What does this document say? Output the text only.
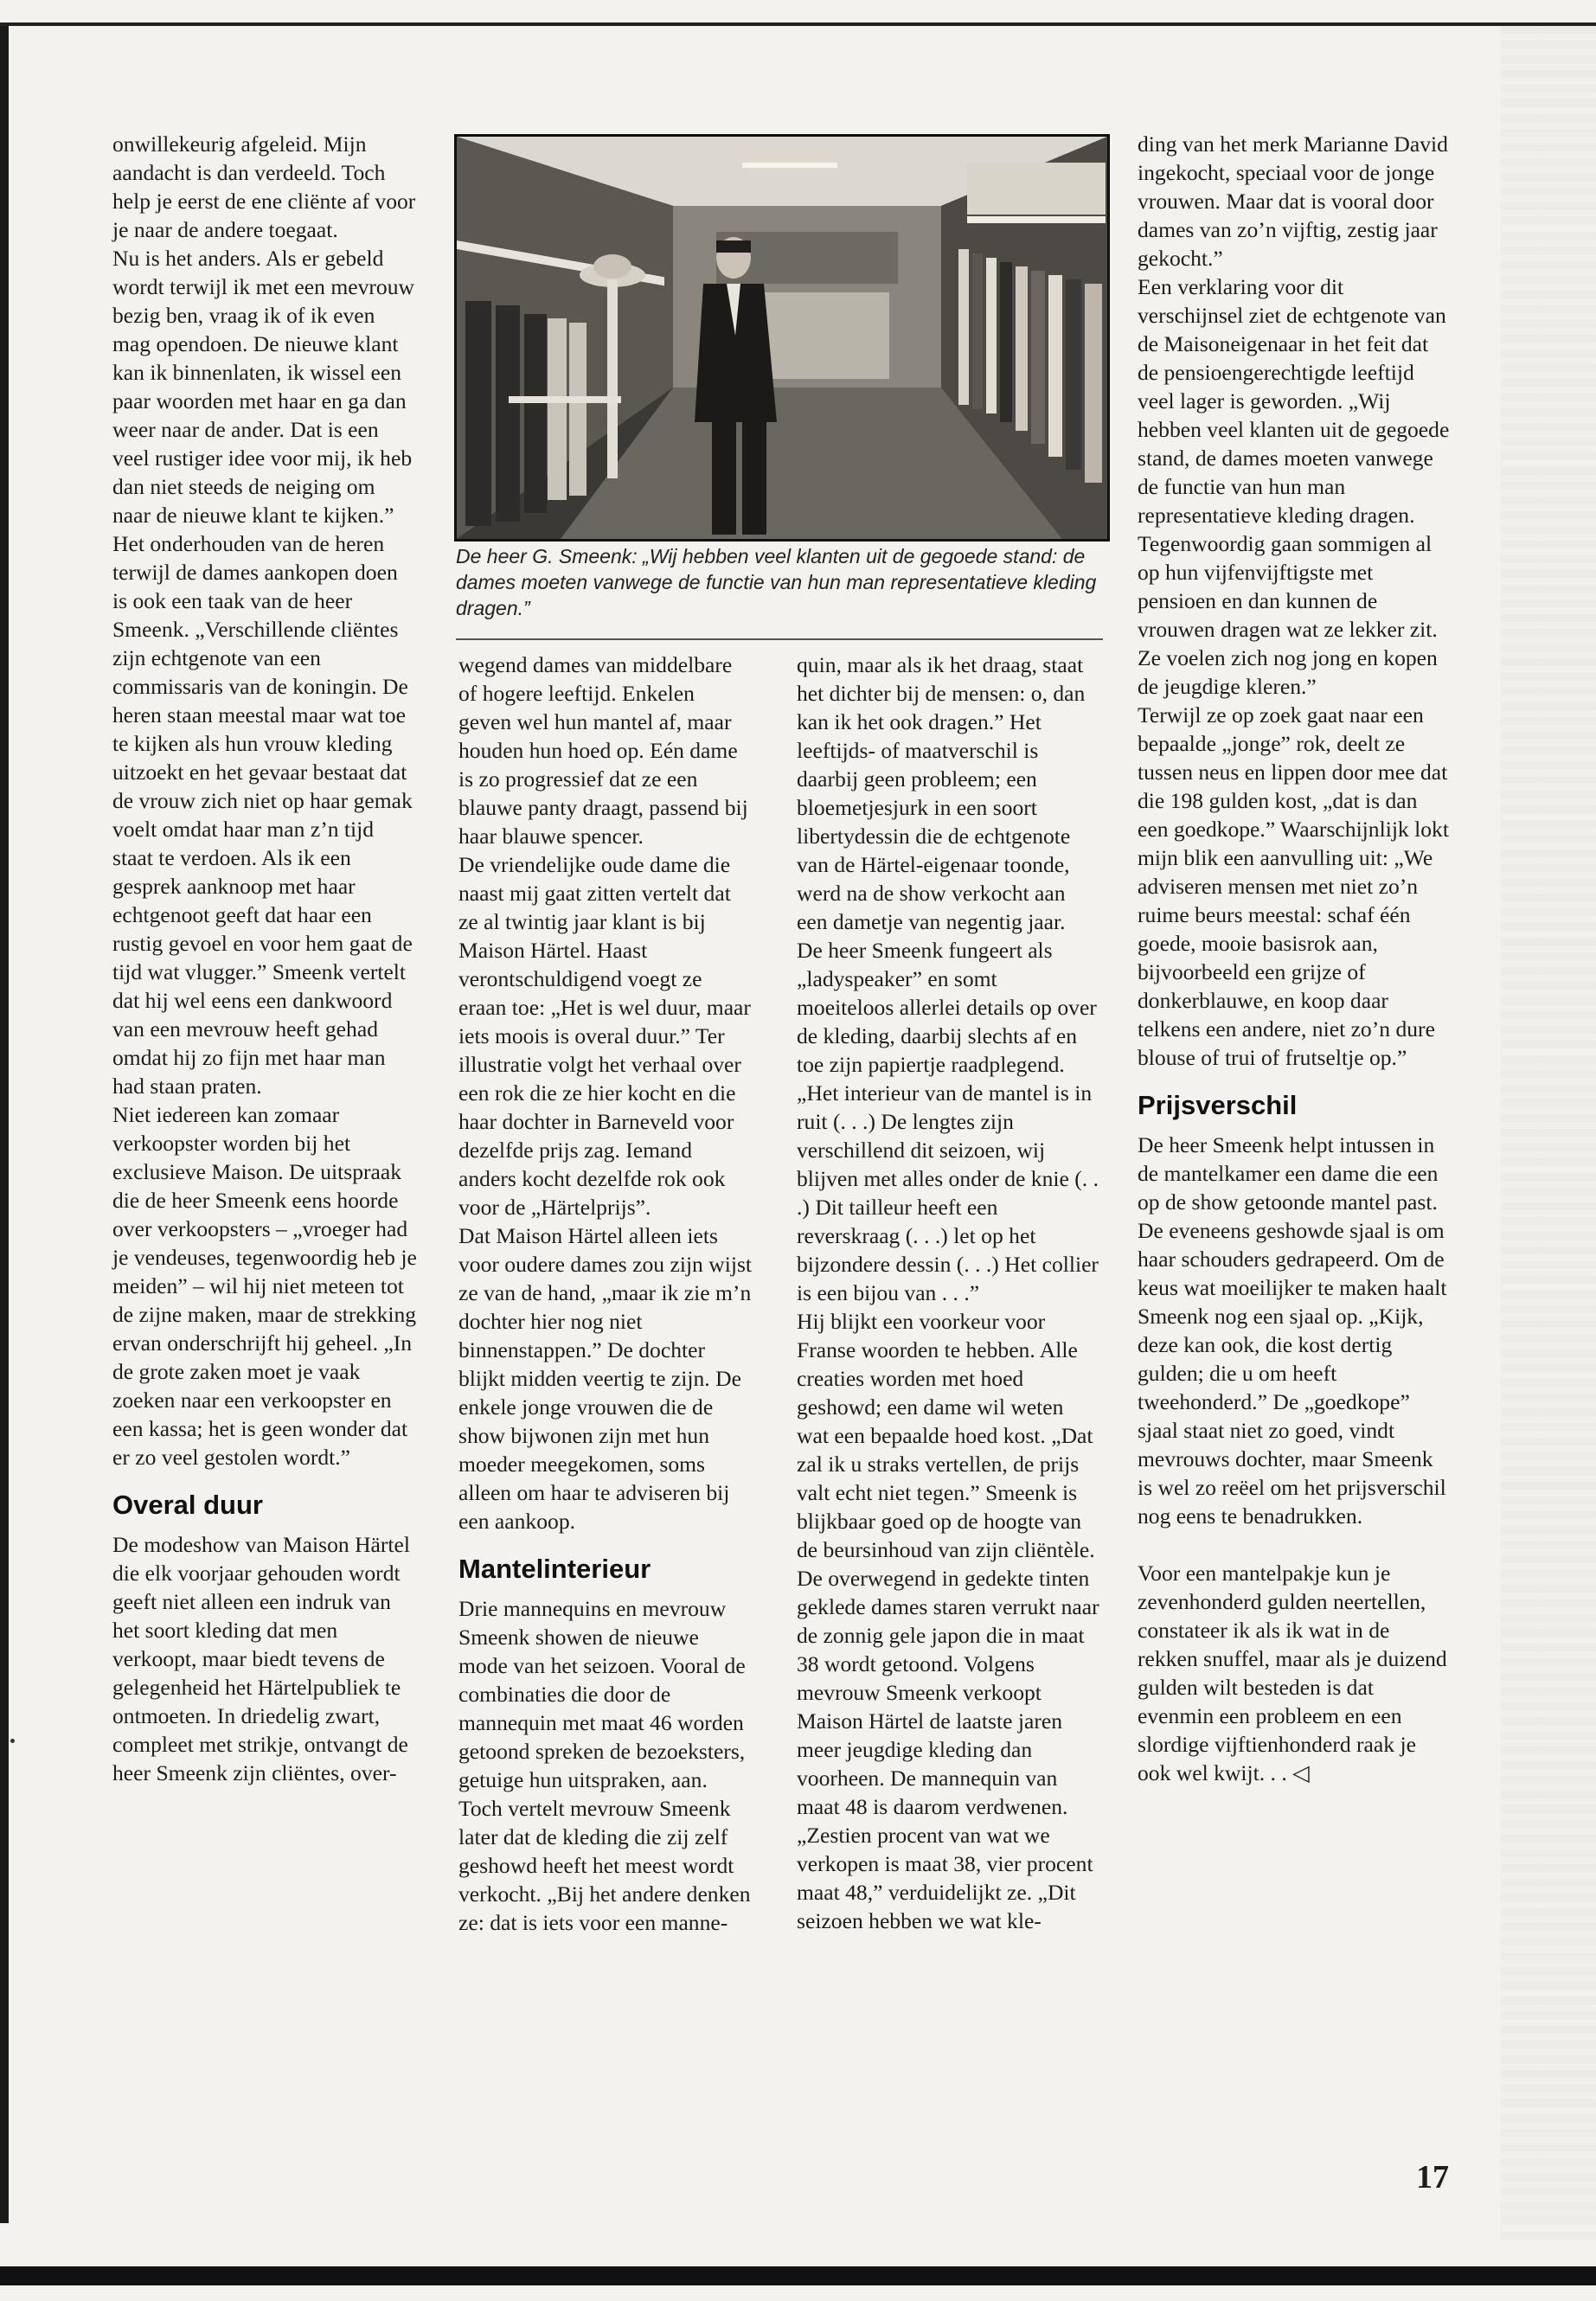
onwillekeurig afgeleid. Mijn aandacht is dan verdeeld. Toch help je eerst de ene cliënte af voor je naar de andere toegaat.

Nu is het anders. Als er gebeld wordt terwijl ik met een mevrouw bezig ben, vraag ik of ik even mag opendoen. De nieuwe klant kan ik binnenlaten, ik wissel een paar woorden met haar en ga dan weer naar de ander. Dat is een veel rustiger idee voor mij, ik heb dan niet steeds de neiging om naar de nieuwe klant te kijken.”

Het onderhouden van de heren terwijl de dames aankopen doen is ook een taak van de heer Smeenk. „Verschillende cliëntes zijn echtgenote van een commissaris van de koningin. De heren staan meestal maar wat toe te kijken als hun vrouw kleding uitzoekt en het gevaar bestaat dat de vrouw zich niet op haar gemak voelt omdat haar man z’n tijd staat te verdoen. Als ik een gesprek aanknoop met haar echtgenoot geeft dat haar een rustig gevoel en voor hem gaat de tijd wat vlugger.” Smeenk vertelt dat hij wel eens een dankwoord van een mevrouw heeft gehad omdat hij zo fijn met haar man had staan praten.

Niet iedereen kan zomaar verkoopster worden bij het exclusieve Maison. De uitspraak die de heer Smeenk eens hoorde over verkoopsters – „vroeger had je vendeuses, tegenwoordig heb je meiden” – wil hij niet meteen tot de zijne maken, maar de strekking ervan onderschrijft hij geheel. „In de grote zaken moet je vaak zoeken naar een verkoopster en een kassa; het is geen wonder dat er zo veel gestolen wordt.”

Overal duur

De modeshow van Maison Härtel die elk voorjaar gehouden wordt geeft niet alleen een indruk van het soort kleding dat men verkoopt, maar biedt tevens de gelegenheid het Härtelpubliek te ontmoeten. In driedelig zwart, compleet met strikje, ontvangt de heer Smeenk zijn cliëntes, over-

De heer G. Smeenk: „Wij hebben veel klanten uit de gegoede stand: de dames moeten vanwege de functie van hun man representatieve kleding dragen.”

wegend dames van middelbare of hogere leeftijd. Enkelen geven wel hun mantel af, maar houden hun hoed op. Eén dame is zo progressief dat ze een blauwe panty draagt, passend bij haar blauwe spencer.

De vriendelijke oude dame die naast mij gaat zitten vertelt dat ze al twintig jaar klant is bij Maison Härtel. Haast verontschuldigend voegt ze eraan toe: „Het is wel duur, maar iets moois is overal duur.” Ter illustratie volgt het verhaal over een rok die ze hier kocht en die haar dochter in Barneveld voor dezelfde prijs zag. Iemand anders kocht dezelfde rok ook voor de „Härtelprijs”.

Dat Maison Härtel alleen iets voor oudere dames zou zijn wijst ze van de hand, „maar ik zie m’n dochter hier nog niet binnenstappen.” De dochter blijkt midden veertig te zijn. De enkele jonge vrouwen die de show bijwonen zijn met hun moeder meegekomen, soms alleen om haar te adviseren bij een aankoop.

Mantelinterieur

Drie mannequins en mevrouw Smeenk showen de nieuwe mode van het seizoen. Vooral de combinaties die door de mannequin met maat 46 worden getoond spreken de bezoeksters, getuige hun uitspraken, aan. Toch vertelt mevrouw Smeenk later dat de kleding die zij zelf geshowd heeft het meest wordt verkocht. „Bij het andere denken ze: dat is iets voor een manne-

quin, maar als ik het draag, staat het dichter bij de mensen: o, dan kan ik het ook dragen.” Het leeftijds- of maatverschil is daarbij geen probleem; een bloemetjesjurk in een soort libertydessin die de echtgenote van de Härtel-eigenaar toonde, werd na de show verkocht aan een dametje van negentig jaar.

De heer Smeenk fungeert als „ladyspeaker” en somt moeiteloos allerlei details op over de kleding, daarbij slechts af en toe zijn papiertje raadplegend. „Het interieur van de mantel is in ruit (. . .) De lengtes zijn verschillend dit seizoen, wij blijven met alles onder de knie (. . .) Dit tailleur heeft een reverskraag (. . .) let op het bijzondere dessin (. . .) Het collier is een bijou van . . .”

Hij blijkt een voorkeur voor Franse woorden te hebben. Alle creaties worden met hoed geshowd; een dame wil weten wat een bepaalde hoed kost. „Dat zal ik u straks vertellen, de prijs valt echt niet tegen.” Smeenk is blijkbaar goed op de hoogte van de beursinhoud van zijn cliëntèle.

De overwegend in gedekte tinten geklede dames staren verrukt naar de zonnig gele japon die in maat 38 wordt getoond. Volgens mevrouw Smeenk verkoopt Maison Härtel de laatste jaren meer jeugdige kleding dan voorheen. De mannequin van maat 48 is daarom verdwenen. „Zestien procent van wat we verkopen is maat 38, vier procent maat 48,” verduidelijkt ze. „Dit seizoen hebben we wat kle-

ding van het merk Marianne David ingekocht, speciaal voor de jonge vrouwen. Maar dat is vooral door dames van zo’n vijftig, zestig jaar gekocht.”

Een verklaring voor dit verschijnsel ziet de echtgenote van de Maisoneigenaar in het feit dat de pensioengerechtigde leeftijd veel lager is geworden. „Wij hebben veel klanten uit de gegoede stand, de dames moeten vanwege de functie van hun man representatieve kleding dragen. Tegenwoordig gaan sommigen al op hun vijfenvijftigste met pensioen en dan kunnen de vrouwen dragen wat ze lekker zit. Ze voelen zich nog jong en kopen de jeugdige kleren.”

Terwijl ze op zoek gaat naar een bepaalde „jonge” rok, deelt ze tussen neus en lippen door mee dat die 198 gulden kost, „dat is dan een goedkope.” Waarschijnlijk lokt mijn blik een aanvulling uit: „We adviseren mensen met niet zo’n ruime beurs meestal: schaf één goede, mooie basisrok aan, bijvoorbeeld een grijze of donkerblauwe, en koop daar telkens een andere, niet zo’n dure blouse of trui of frutseltje op.”

Prijsverschil

De heer Smeenk helpt intussen in de mantelkamer een dame die een op de show getoonde mantel past. De eveneens geshowde sjaal is om haar schouders gedrapeerd. Om de keus wat moeilijker te maken haalt Smeenk nog een sjaal op. „Kijk, deze kan ook, die kost dertig gulden; die u om heeft tweehonderd.” De „goedkope” sjaal staat niet zo goed, vindt mevrouws dochter, maar Smeenk is wel zo reëel om het prijsverschil nog eens te benadrukken.

Voor een mantelpakje kun je zevenhonderd gulden neertellen, constateer ik als ik wat in de rekken snuffel, maar als je duizend gulden wilt besteden is dat evenmin een probleem en een slordige vijftienhonderd raak je ook wel kwijt. . . ◁

17
